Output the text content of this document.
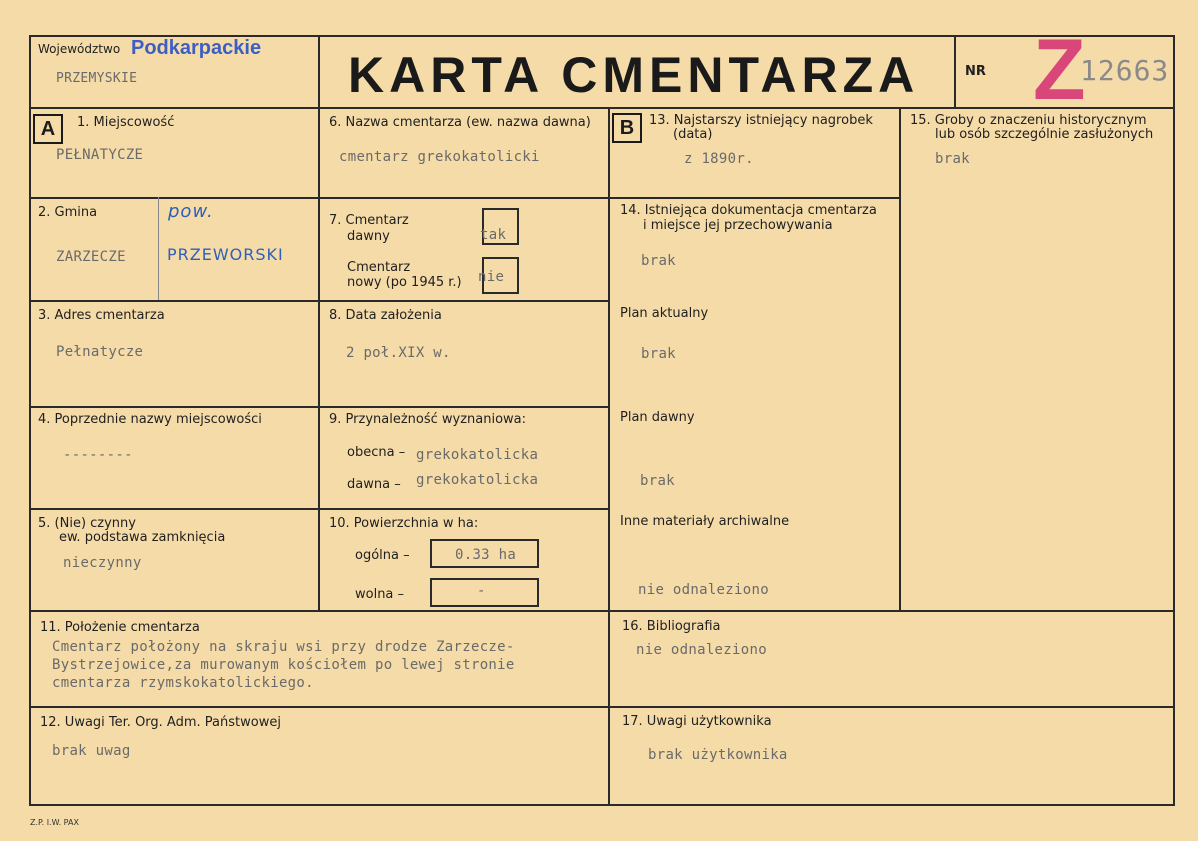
Województwo Podkarpackie
PRZEMYSKIE	KARTA CMENTARZA	NR Z
12663
A	B
1. Miejscowość
PEŁNATYCZE
2. Gmina
ZARZECZE
pow.
PRZEWORSKI
3. Adres cmentarza
Pełnatycze
4. Poprzednie nazwy miejscowości
--------
5. (Nie) czynny
ew. podstawa zamknięcia
nieczynny
6. Nazwa cmentarza (ew. nazwa dawna)
cmentarz grekokatolicki
7. Cmentarz
dawny	tak
Cmentarz
nowy (po 1945 r.) nie
8. Data założenia
2 poł.XIX w.
9. Przynależność wyznaniowa:
obecna – grekokatolicka
dawna – grekokatolicka
10. Powierzchnia w ha:
ogólna –	0.33 ha
wolna –	-
11. Położenie cmentarza
Cmentarz położony na skraju wsi przy drodze Zarzecze-
Bystrzejowice,za murowanym kościołem po lewej stronie
cmentarza rzymskokatolickiego.
12. Uwagi Ter. Org. Adm. Państwowej
brak uwag
13. Najstarszy istniejący nagrobek
(data)
z 1890r.
14. Istniejąca dokumentacja cmentarza
i miejsce jej przechowywania
brak
Plan aktualny
brak
Plan dawny
brak
Inne materiały archiwalne
nie odnaleziono
15. Groby o znaczeniu historycznym
lub osób szczególnie zasłużonych
brak
16. Bibliografia
nie odnaleziono
17. Uwagi użytkownika
brak użytkownika
Z.P. I.W. PAX
